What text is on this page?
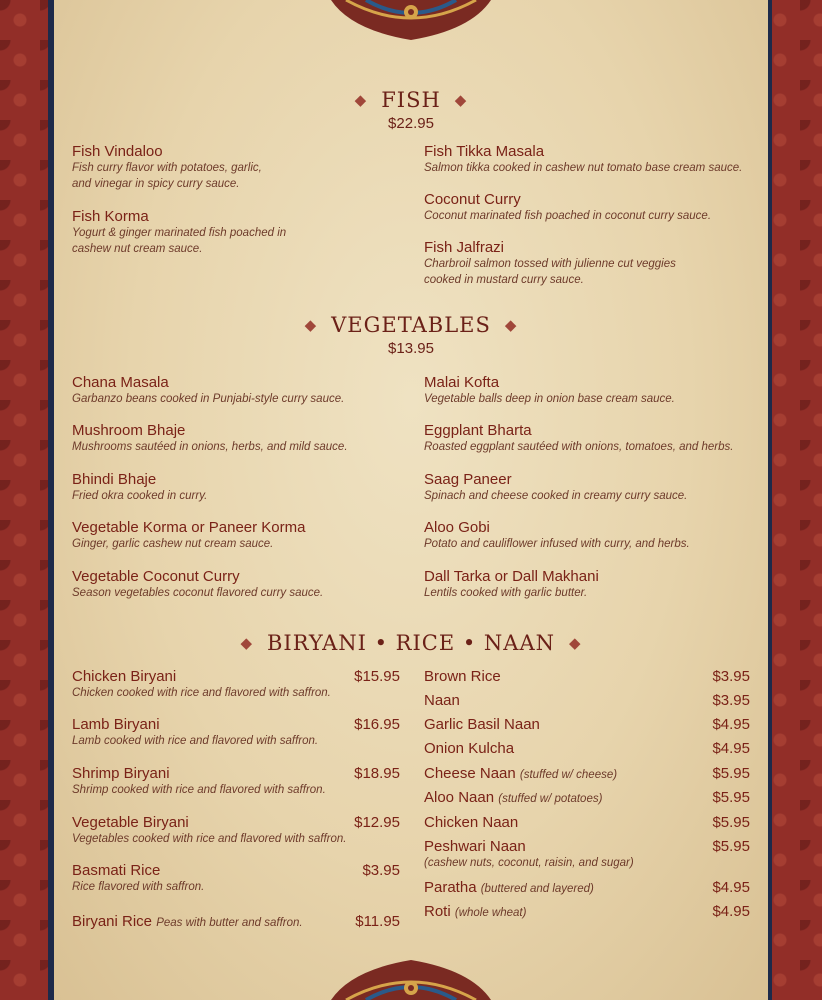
◆ FISH ◆
$22.95
Fish Vindaloo
Fish curry flavor with potatoes, garlic,
and vinegar in spicy curry sauce.
Fish Korma
Yogurt & ginger marinated fish poached in
cashew nut cream sauce.
Fish Tikka Masala
Salmon tikka cooked in cashew nut tomato base cream sauce.
Coconut Curry
Coconut marinated fish poached in coconut curry sauce.
Fish Jalfrazi
Charbroil salmon tossed with julienne cut veggies
cooked in mustard curry sauce.
◆ VEGETABLES ◆
$13.95
Chana Masala
Garbanzo beans cooked in Punjabi-style curry sauce.
Mushroom Bhaje
Mushrooms sautéed in onions, herbs, and mild sauce.
Bhindi Bhaje
Fried okra cooked in curry.
Vegetable Korma or Paneer Korma
Ginger, garlic cashew nut cream sauce.
Vegetable Coconut Curry
Season vegetables coconut flavored curry sauce.
Malai Kofta
Vegetable balls deep in onion base cream sauce.
Eggplant Bharta
Roasted eggplant sautéed with onions, tomatoes, and herbs.
Saag Paneer
Spinach and cheese cooked in creamy curry sauce.
Aloo Gobi
Potato and cauliflower infused with curry, and herbs.
Dall Tarka or Dall Makhani
Lentils cooked with garlic butter.
◆ BIRYANI • RICE • NAAN ◆
Chicken Biryani
Chicken cooked with rice and flavored with saffron.
$15.95
Lamb Biryani
Lamb cooked with rice and flavored with saffron.
$16.95
Shrimp Biryani
Shrimp cooked with rice and flavored with saffron.
$18.95
Vegetable Biryani
Vegetables cooked with rice and flavored with saffron.
$12.95
Basmati Rice
Rice flavored with saffron.
$3.95
Biryani Rice Peas with butter and saffron.	$11.95
Brown Rice	$3.95
Naan	$3.95
Garlic Basil Naan	$4.95
Onion Kulcha	$4.95
Cheese Naan (stuffed w/ cheese)	$5.95
Aloo Naan (stuffed w/ potatoes)	$5.95
Chicken Naan	$5.95
Peshwari Naan
(cashew nuts, coconut, raisin, and sugar)
$5.95
Paratha (buttered and layered)	$4.95
Roti (whole wheat)	$4.95
